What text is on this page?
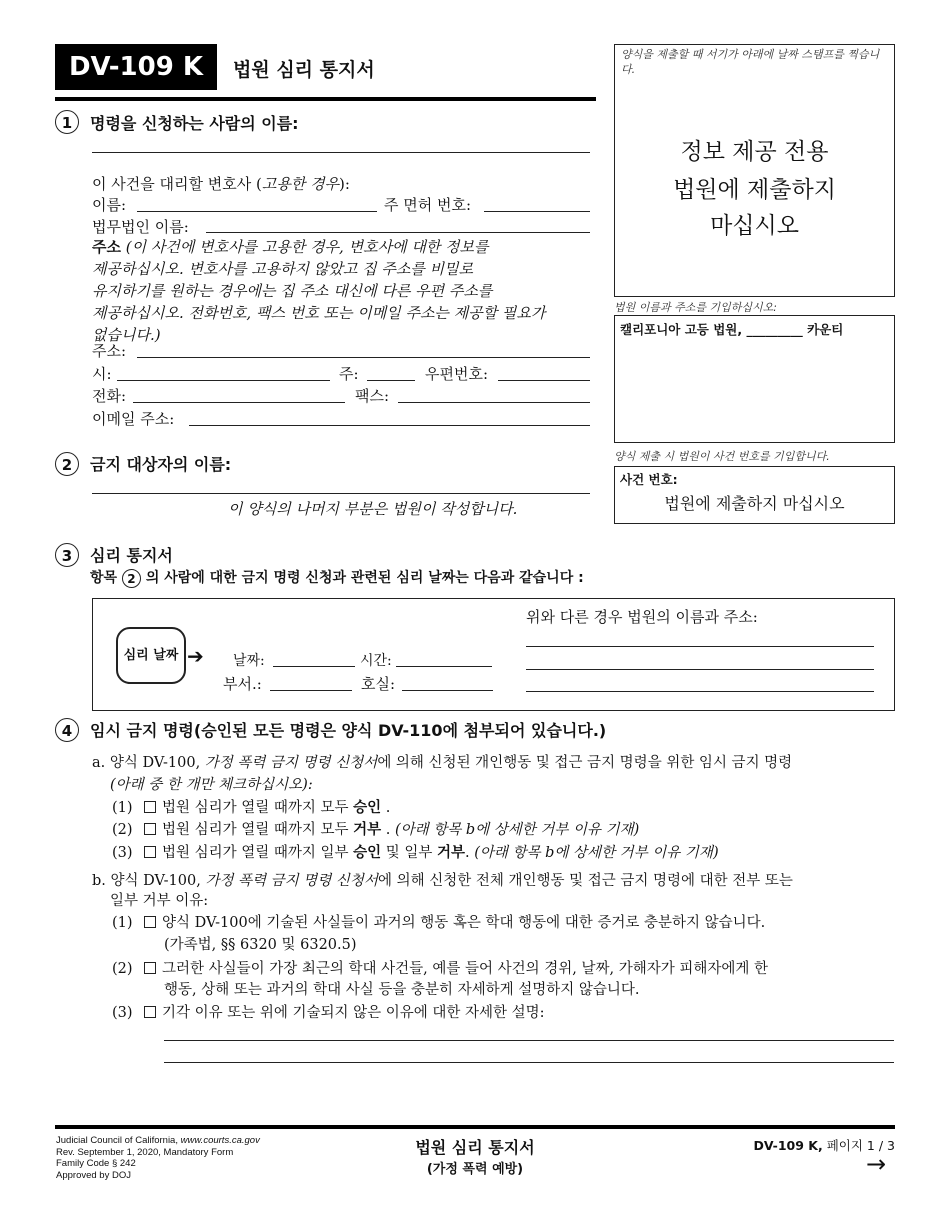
DV-109 K	법원 심리 통지서
양식을 제출할 때 서기가 아래에 날짜 스탬프를 찍습니다.
정보 제공 전용
법원에 제출하지
마십시오
법원 이름과 주소를 기입하십시오:
캘리포니아 고등 법원, _________ 카운티
양식 제출 시 법원이 사건 번호를 기입합니다.
사건 번호:
법원에 제출하지 마십시오
1	명령을 신청하는 사람의 이름:
이 사건을 대리할 변호사 (고용한 경우):
이름:	주 면허 번호:
법무법인 이름:
주소 (이 사건에 변호사를 고용한 경우, 변호사에 대한 정보를
제공하십시오. 변호사를 고용하지 않았고 집 주소를 비밀로
유지하기를 원하는 경우에는 집 주소 대신에 다른 우편 주소를
제공하십시오. 전화번호, 팩스 번호 또는 이메일 주소는 제공할 필요가
없습니다.)
주소:
시:	주:	우편번호:
전화:	팩스:
이메일 주소:
2	금지 대상자의 이름:
이 양식의 나머지 부분은 법원이 작성합니다.
3	심리 통지서
항목 2 의 사람에 대한 금지 명령 신청과 관련된 심리 날짜는 다음과 같습니다 :
심리 날짜 ➔ 날짜:	시간:
부서.:	호실:
위와 다른 경우 법원의 이름과 주소:
4	임시 금지 명령(승인된 모든 명령은 양식 DV-110에 첨부되어 있습니다.)
a. 양식 DV-100, 가정 폭력 금지 명령 신청서에 의해 신청된 개인행동 및 접근 금지 명령을 위한 임시 금지 명령
(아래 중 한 개만 체크하십시오):
(1) 법원 심리가 열릴 때까지 모두 승인 .
(2) 법원 심리가 열릴 때까지 모두 거부 . (아래 항목 b에 상세한 거부 이유 기재)
(3) 법원 심리가 열릴 때까지 일부 승인 및 일부 거부. (아래 항목 b에 상세한 거부 이유 기재)
b. 양식 DV-100, 가정 폭력 금지 명령 신청서에 의해 신청한 전체 개인행동 및 접근 금지 명령에 대한 전부 또는
일부 거부 이유:
(1) 양식 DV-100에 기술된 사실들이 과거의 행동 혹은 학대 행동에 대한 증거로 충분하지 않습니다.
(가족법, §§ 6320 및 6320.5)
(2) 그러한 사실들이 가장 최근의 학대 사건들, 예를 들어 사건의 경위, 날짜, 가해자가 피해자에게 한
행동, 상해 또는 과거의 학대 사실 등을 충분히 자세하게 설명하지 않습니다.
(3) 기각 이유 또는 위에 기술되지 않은 이유에 대한 자세한 설명:
Judicial Council of California, www.courts.ca.gov
Rev. September 1, 2020, Mandatory Form
Family Code § 242
Approved by DOJ
법원 심리 통지서
(가정 폭력 예방)
DV-109 K, 페이지 1 / 3
→
